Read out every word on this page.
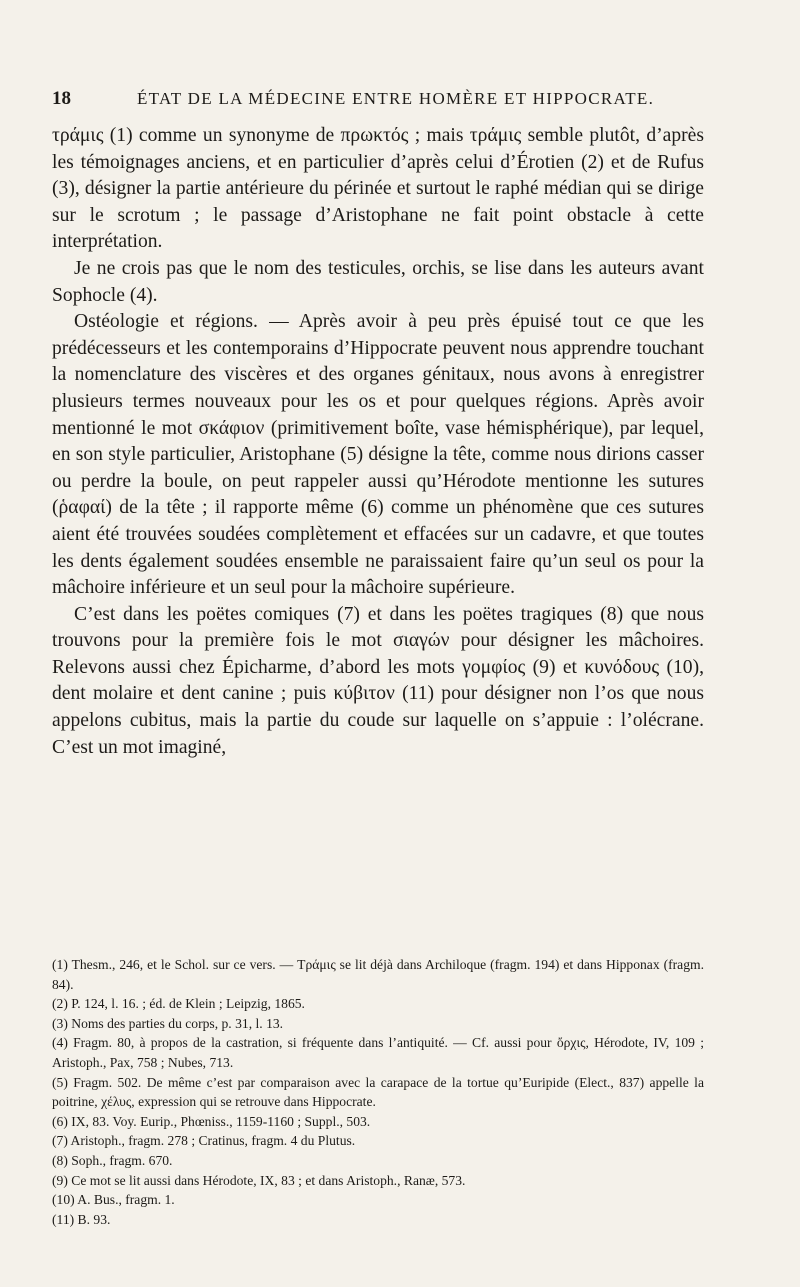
18	ÉTAT DE LA MÉDECINE ENTRE HOMÈRE ET HIPPOCRATE.

τράμις (1) comme un synonyme de πρωκτός ; mais τράμις semble plutôt, d’après les témoignages anciens, et en particulier d’après celui d’Érotien (2) et de Rufus (3), désigner la partie antérieure du périnée et surtout le raphé médian qui se dirige sur le scrotum ; le passage d’Aristophane ne fait point obstacle à cette interprétation.

Je ne crois pas que le nom des testicules, orchis, se lise dans les auteurs avant Sophocle (4).

Ostéologie et régions. — Après avoir à peu près épuisé tout ce que les prédécesseurs et les contemporains d’Hippocrate peuvent nous apprendre touchant la nomenclature des viscères et des organes génitaux, nous avons à enregistrer plusieurs termes nouveaux pour les os et pour quelques régions. Après avoir mentionné le mot σκάφιον (primitivement boîte, vase hémisphérique), par lequel, en son style particulier, Aristophane (5) désigne la tête, comme nous dirions casser ou perdre la boule, on peut rappeler aussi qu’Hérodote mentionne les sutures (ῥαφαί) de la tête ; il rapporte même (6) comme un phénomène que ces sutures aient été trouvées soudées complètement et effacées sur un cadavre, et que toutes les dents également soudées ensemble ne paraissaient faire qu’un seul os pour la mâchoire inférieure et un seul pour la mâchoire supérieure.

C’est dans les poëtes comiques (7) et dans les poëtes tragiques (8) que nous trouvons pour la première fois le mot σιαγών pour désigner les mâchoires. Relevons aussi chez Épicharme, d’abord les mots γομφίος (9) et κυνόδους (10), dent molaire et dent canine ; puis κύβιτον (11) pour désigner non l’os que nous appelons cubitus, mais la partie du coude sur laquelle on s’appuie : l’olécrane. C’est un mot imaginé,

(1) Thesm., 246, et le Schol. sur ce vers. — Τράμις se lit déjà dans Archiloque (fragm. 194) et dans Hipponax (fragm. 84).

(2) P. 124, l. 16. ; éd. de Klein ; Leipzig, 1865.

(3) Noms des parties du corps, p. 31, l. 13.

(4) Fragm. 80, à propos de la castration, si fréquente dans l’antiquité. — Cf. aussi pour ὄρχις, Hérodote, IV, 109 ; Aristoph., Pax, 758 ; Nubes, 713.

(5) Fragm. 502. De même c’est par comparaison avec la carapace de la tortue qu’Euripide (Elect., 837) appelle la poitrine, χέλυς, expression qui se retrouve dans Hippocrate.

(6) IX, 83. Voy. Eurip., Phœniss., 1159-1160 ; Suppl., 503.

(7) Aristoph., fragm. 278 ; Cratinus, fragm. 4 du Plutus.

(8) Soph., fragm. 670.

(9) Ce mot se lit aussi dans Hérodote, IX, 83 ; et dans Aristoph., Ranæ, 573.

(10) A. Bus., fragm. 1.

(11) B. 93.
